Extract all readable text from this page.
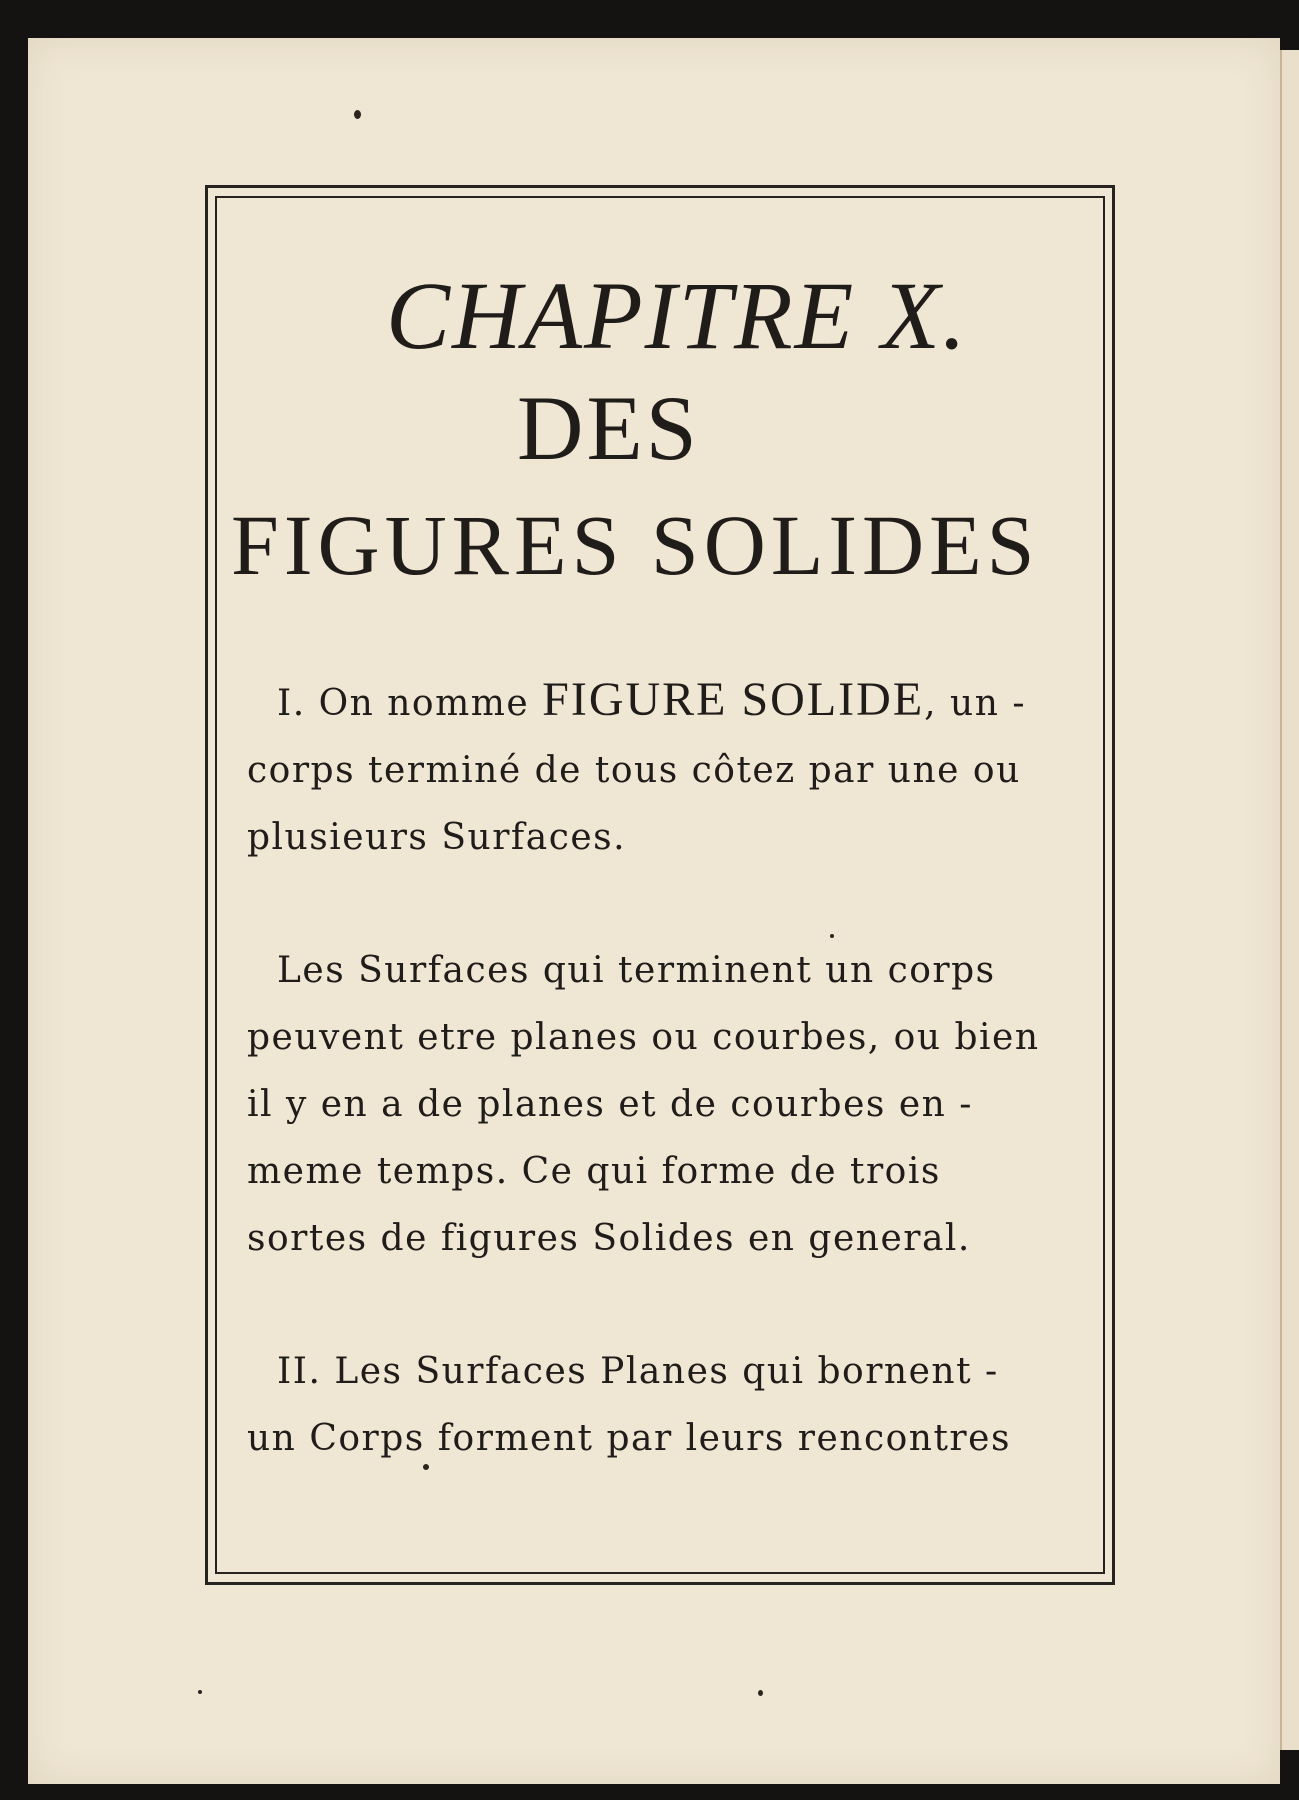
CHAPITRE X.
DES
FIGURES SOLIDES
I. On nomme FIGURE SOLIDE, un -
corps terminé de tous côtez par une ou
plusieurs Surfaces.
Les Surfaces qui terminent un corps
peuvent etre planes ou courbes, ou bien
il y en a de planes et de courbes en -
meme temps. Ce qui forme de trois
sortes de figures Solides en general.
II. Les Surfaces Planes qui bornent -
un Corps forment par leurs rencontres
